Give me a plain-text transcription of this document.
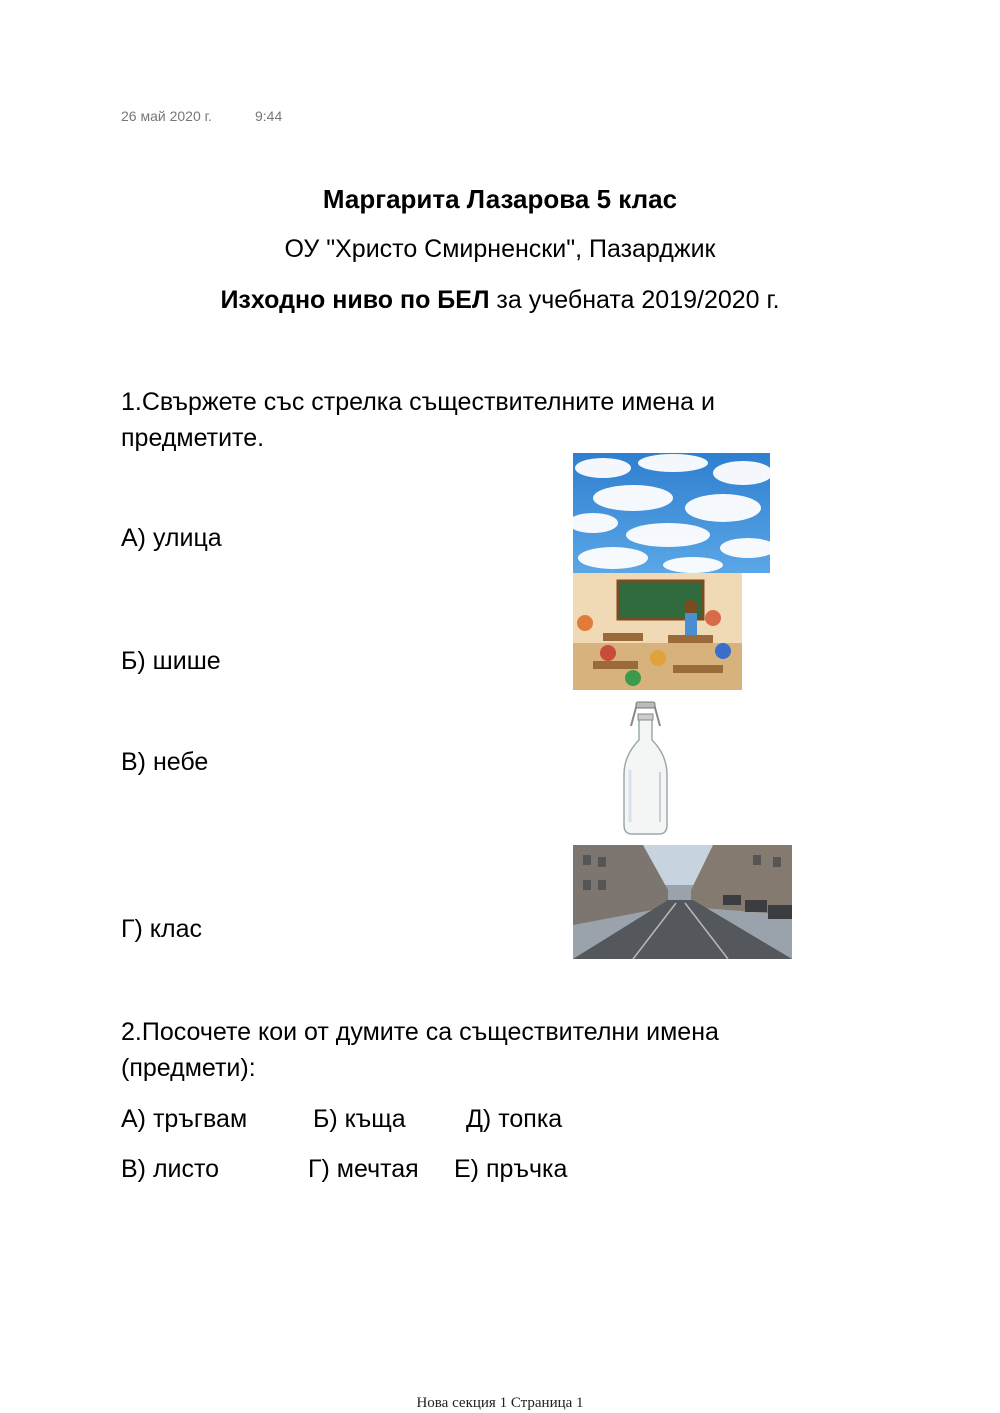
26 май 2020 г.	9:44
Маргарита Лазарова 5 клас
ОУ "Христо Смирненски", Пазарджик
Изходно ниво по БЕЛ за учебната 2019/2020 г.
1.Свържете със стрелка съществителните имена и предметите.
А) улица
Б) шише
В) небе
Г) клас
2.Посочете кои от думите са съществителни имена (предмети):
А) тръгвам	Б) къща Д) топка
В) листо	Г) мечтая Е) пръчка
Нова секция 1 Страница 1
